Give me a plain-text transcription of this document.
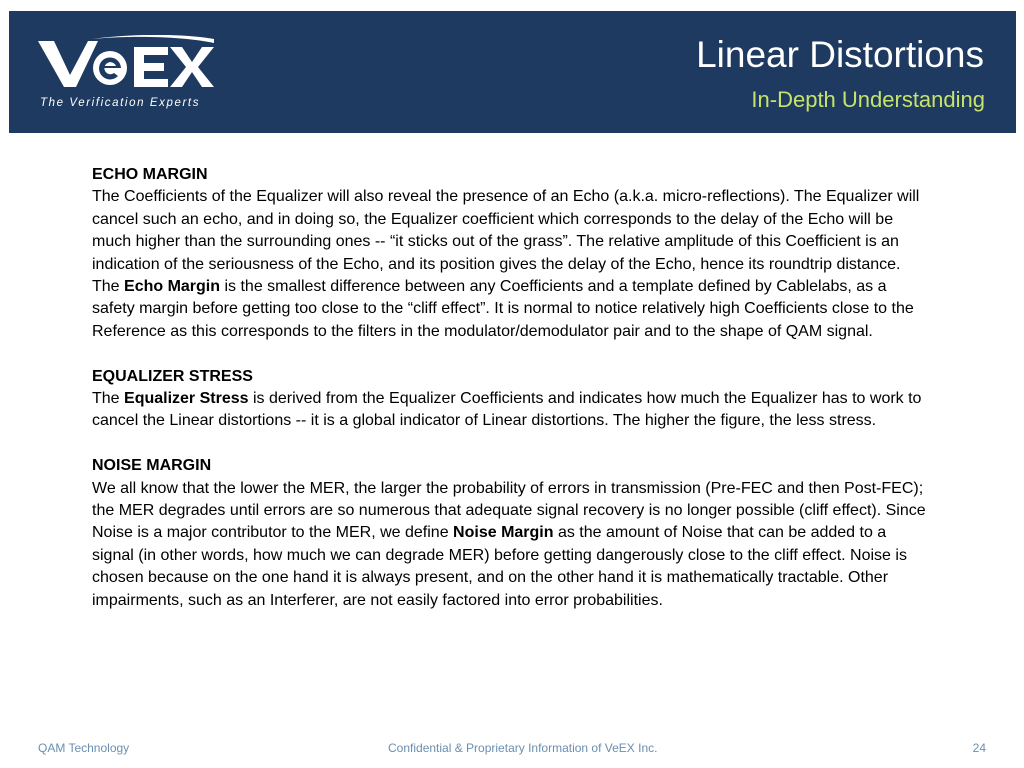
The Verification Experts
Linear Distortions
In-Depth Understanding
ECHO MARGIN
The Coefficients of the Equalizer will also reveal the presence of an Echo (a.k.a. micro-reflections). The Equalizer will cancel such an echo, and in doing so, the Equalizer coefficient which corresponds to the delay of the Echo will be much higher than the surrounding ones -- “it sticks out of the grass”. The relative amplitude of this Coefficient is an indication of the seriousness of the Echo, and its position gives the delay of the Echo, hence its roundtrip distance. The Echo Margin is the smallest difference between any Coefficients and a template defined by Cablelabs, as a safety margin before getting too close to the “cliff effect”. It is normal to notice relatively high Coefficients close to the Reference as this corresponds to the filters in the modulator/demodulator pair and to the shape of QAM signal.
EQUALIZER STRESS
The Equalizer Stress is derived from the Equalizer Coefficients and indicates how much the Equalizer has to work to cancel the Linear distortions -- it is a global indicator of Linear distortions. The higher the figure, the less stress.
NOISE MARGIN
We all know that the lower the MER, the larger the probability of errors in transmission (Pre-FEC and then Post-FEC); the MER degrades until errors are so numerous that adequate signal recovery is no longer possible (cliff effect). Since Noise is a major contributor to the MER, we define Noise Margin as the amount of Noise that can be added to a signal (in other words, how much we can degrade MER) before getting dangerously close to the cliff effect. Noise is chosen because on the one hand it is always present, and on the other hand it is mathematically tractable. Other impairments, such as an Interferer, are not easily factored into error probabilities.
QAM Technology	Confidential & Proprietary Information of VeEX Inc.	24
